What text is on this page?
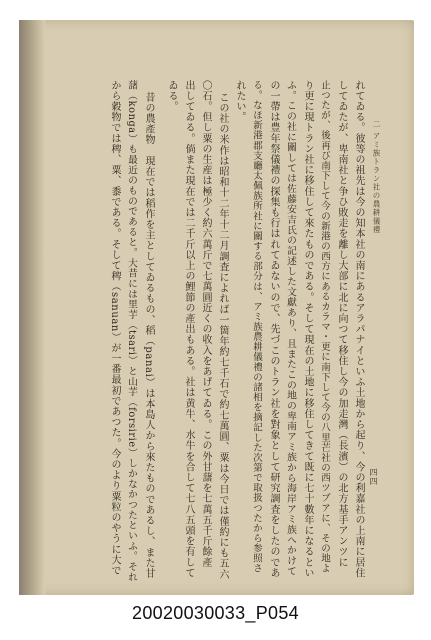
二 アミ族トラン社の農耕儀禮
四四
れてゐる。彼等の祖先は今の知本社の南にあるアラパナイといふ土地から起り、今の利嘉社の上南に居住
してゐたが、卑南社と争ひ敗走を離し大部に北に向つて移住し今の加走灣（長濱）の北方基手アンツに
止つたが、後再び南下して今の新港の西方にあるカラマ・更に南下して今の八里芒社の西ツブアに、その地よ
り更に現トラン社に移住して來たものである。そして現在の土地に移住してきて既に七十數年になるとい
ふ。この社に關しては佐藤安吉氏の記述した文獻あり、且またこの地の卑南アミ族から海岸アミ族へかけて
の一帶は豊年祭儀禮の探集も行はれてゐないので、先づこのトラン社を對象として研究調査をしたのであ
る。なほ新港郡支廳太佩族所社に關する部分は、アミ族農耕儀禮の諸相を摘記した次第で取扱つたから参照さ
れたい。
この社の米作は昭和十二年十二月調査によれば一箇年約七千石で約七萬圓、粟は今日では僅約にも五六
〇石。但し粟の生産は極少く約六萬斤で七萬圓近くの收入をあげてゐる。この外甘藷を七萬五千斤餘產
出してゐる。倘また現在では二千斤以上の鯉節の產出もある。社は黄牛、水牛を合して七八五頭を有して
ゐる。
昔の農產物　現在では稻作を主としてゐるもの、稻（panai）は本島人から來たものであるし、また甘
藷（konga）も最近のものであると。大昔には里芋（tsari）と山芋（forsirie）しかなかつたといふ。それ
から穀物では稗、粟、黍である。そして稗（sanuan）が一番最初であつた。今のより粟粒のやうに大で
20020030033_P054
